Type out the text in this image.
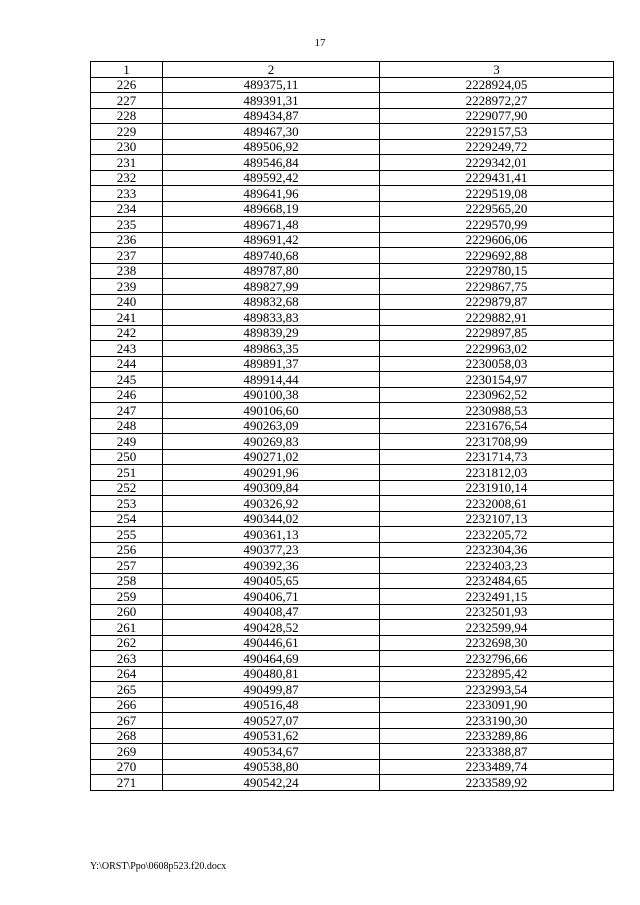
17
1	2	3
226	489375,11	2228924,05
227	489391,31	2228972,27
228	489434,87	2229077,90
229	489467,30	2229157,53
230	489506,92	2229249,72
231	489546,84	2229342,01
232	489592,42	2229431,41
233	489641,96	2229519,08
234	489668,19	2229565,20
235	489671,48	2229570,99
236	489691,42	2229606,06
237	489740,68	2229692,88
238	489787,80	2229780,15
239	489827,99	2229867,75
240	489832,68	2229879,87
241	489833,83	2229882,91
242	489839,29	2229897,85
243	489863,35	2229963,02
244	489891,37	2230058,03
245	489914,44	2230154,97
246	490100,38	2230962,52
247	490106,60	2230988,53
248	490263,09	2231676,54
249	490269,83	2231708,99
250	490271,02	2231714,73
251	490291,96	2231812,03
252	490309,84	2231910,14
253	490326,92	2232008,61
254	490344,02	2232107,13
255	490361,13	2232205,72
256	490377,23	2232304,36
257	490392,36	2232403,23
258	490405,65	2232484,65
259	490406,71	2232491,15
260	490408,47	2232501,93
261	490428,52	2232599,94
262	490446,61	2232698,30
263	490464,69	2232796,66
264	490480,81	2232895,42
265	490499,87	2232993,54
266	490516,48	2233091,90
267	490527,07	2233190,30
268	490531,62	2233289,86
269	490534,67	2233388,87
270	490538,80	2233489,74
271	490542,24	2233589,92
Y:\ORST\Ppo\0608p523.f20.docx
